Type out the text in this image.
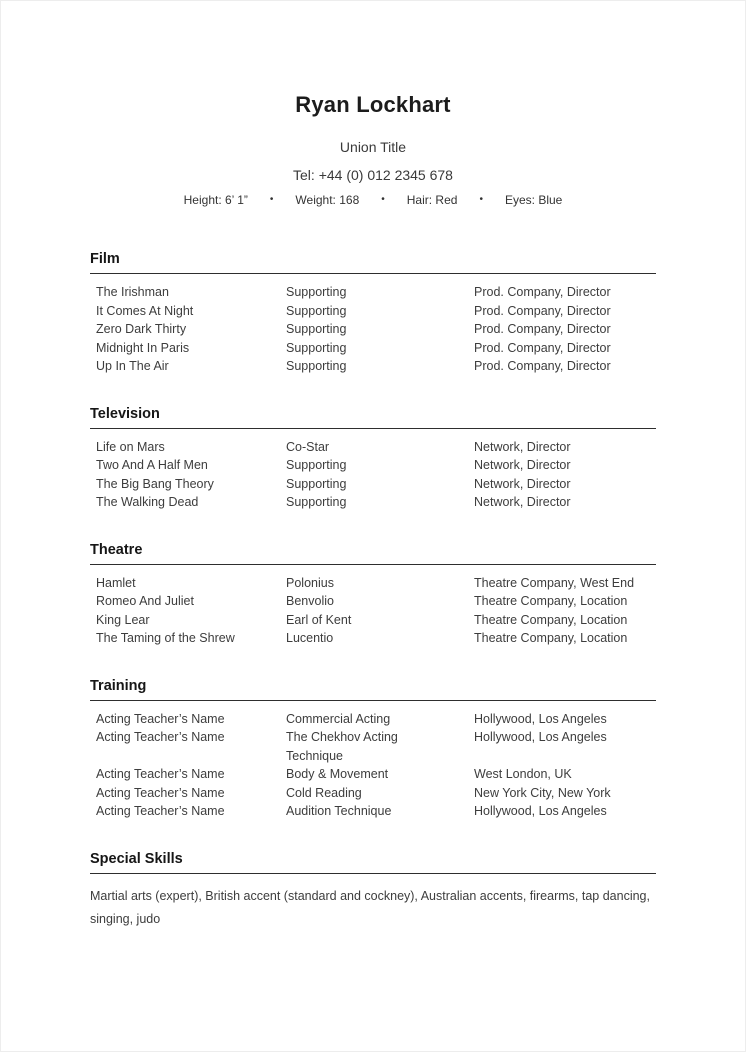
Ryan Lockhart
Union Title
Tel: +44 (0) 012 2345 678
Height: 6’ 1” • Weight: 168 • Hair: Red • Eyes: Blue
Film
The Irishman	Supporting	Prod. Company, Director
It Comes At Night	Supporting	Prod. Company, Director
Zero Dark Thirty	Supporting	Prod. Company, Director
Midnight In Paris	Supporting	Prod. Company, Director
Up In The Air	Supporting	Prod. Company, Director
Television
Life on Mars	Co-Star	Network, Director
Two And A Half Men	Supporting	Network, Director
The Big Bang Theory	Supporting	Network, Director
The Walking Dead	Supporting	Network, Director
Theatre
Hamlet	Polonius	Theatre Company, West End
Romeo And Juliet	Benvolio	Theatre Company, Location
King Lear	Earl of Kent	Theatre Company, Location
The Taming of the Shrew	Lucentio	Theatre Company, Location
Training
Acting Teacher’s Name	Commercial Acting	Hollywood, Los Angeles
Acting Teacher’s Name	The Chekhov Acting Technique	Hollywood, Los Angeles
Acting Teacher’s Name	Body & Movement	West London, UK
Acting Teacher’s Name	Cold Reading	New York City, New York
Acting Teacher’s Name	Audition Technique	Hollywood, Los Angeles
Special Skills

Martial arts (expert), British accent (standard and cockney), Australian accents, firearms, tap dancing, singing, judo
